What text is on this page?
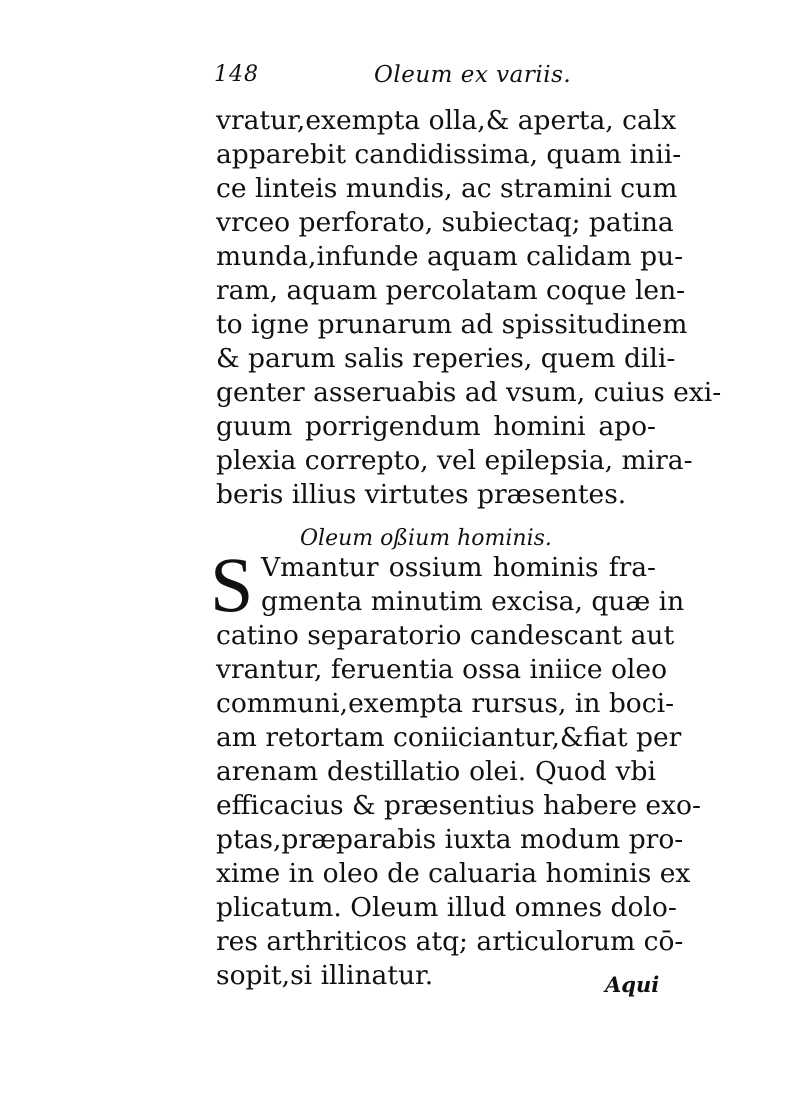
148	Oleum ex variis.
vratur,exempta olla,& aperta, calx
apparebit candidissima, quam inii-
ce linteis mundis, ac stramini cum
vrceo perforato, subiectaq; patina
munda,infunde aquam calidam pu-
ram, aquam percolatam coque len-
to igne prunarum ad spissitudinem
& parum salis reperies, quem dili-
genter asseruabis ad vsum, cuius exi-
guum porrigendum homini apo-
plexia correpto, vel epilepsia, mira-
beris illius virtutes præsentes.
Oleum oßium hominis.
S Vmantur ossium hominis fra-
gmenta minutim excisa, quæ in
catino separatorio candescant aut
vrantur, feruentia ossa iniice oleo
communi,exempta rursus, in boci-
am retortam coniiciantur,&fiat per
arenam destillatio olei. Quod vbi
efficacius & præsentius habere exo-
ptas,præparabis iuxta modum pro-
xime in oleo de caluaria hominis ex
plicatum. Oleum illud omnes dolo-
res arthriticos atq; articulorum cō-
sopit,si illinatur.	Aqui
